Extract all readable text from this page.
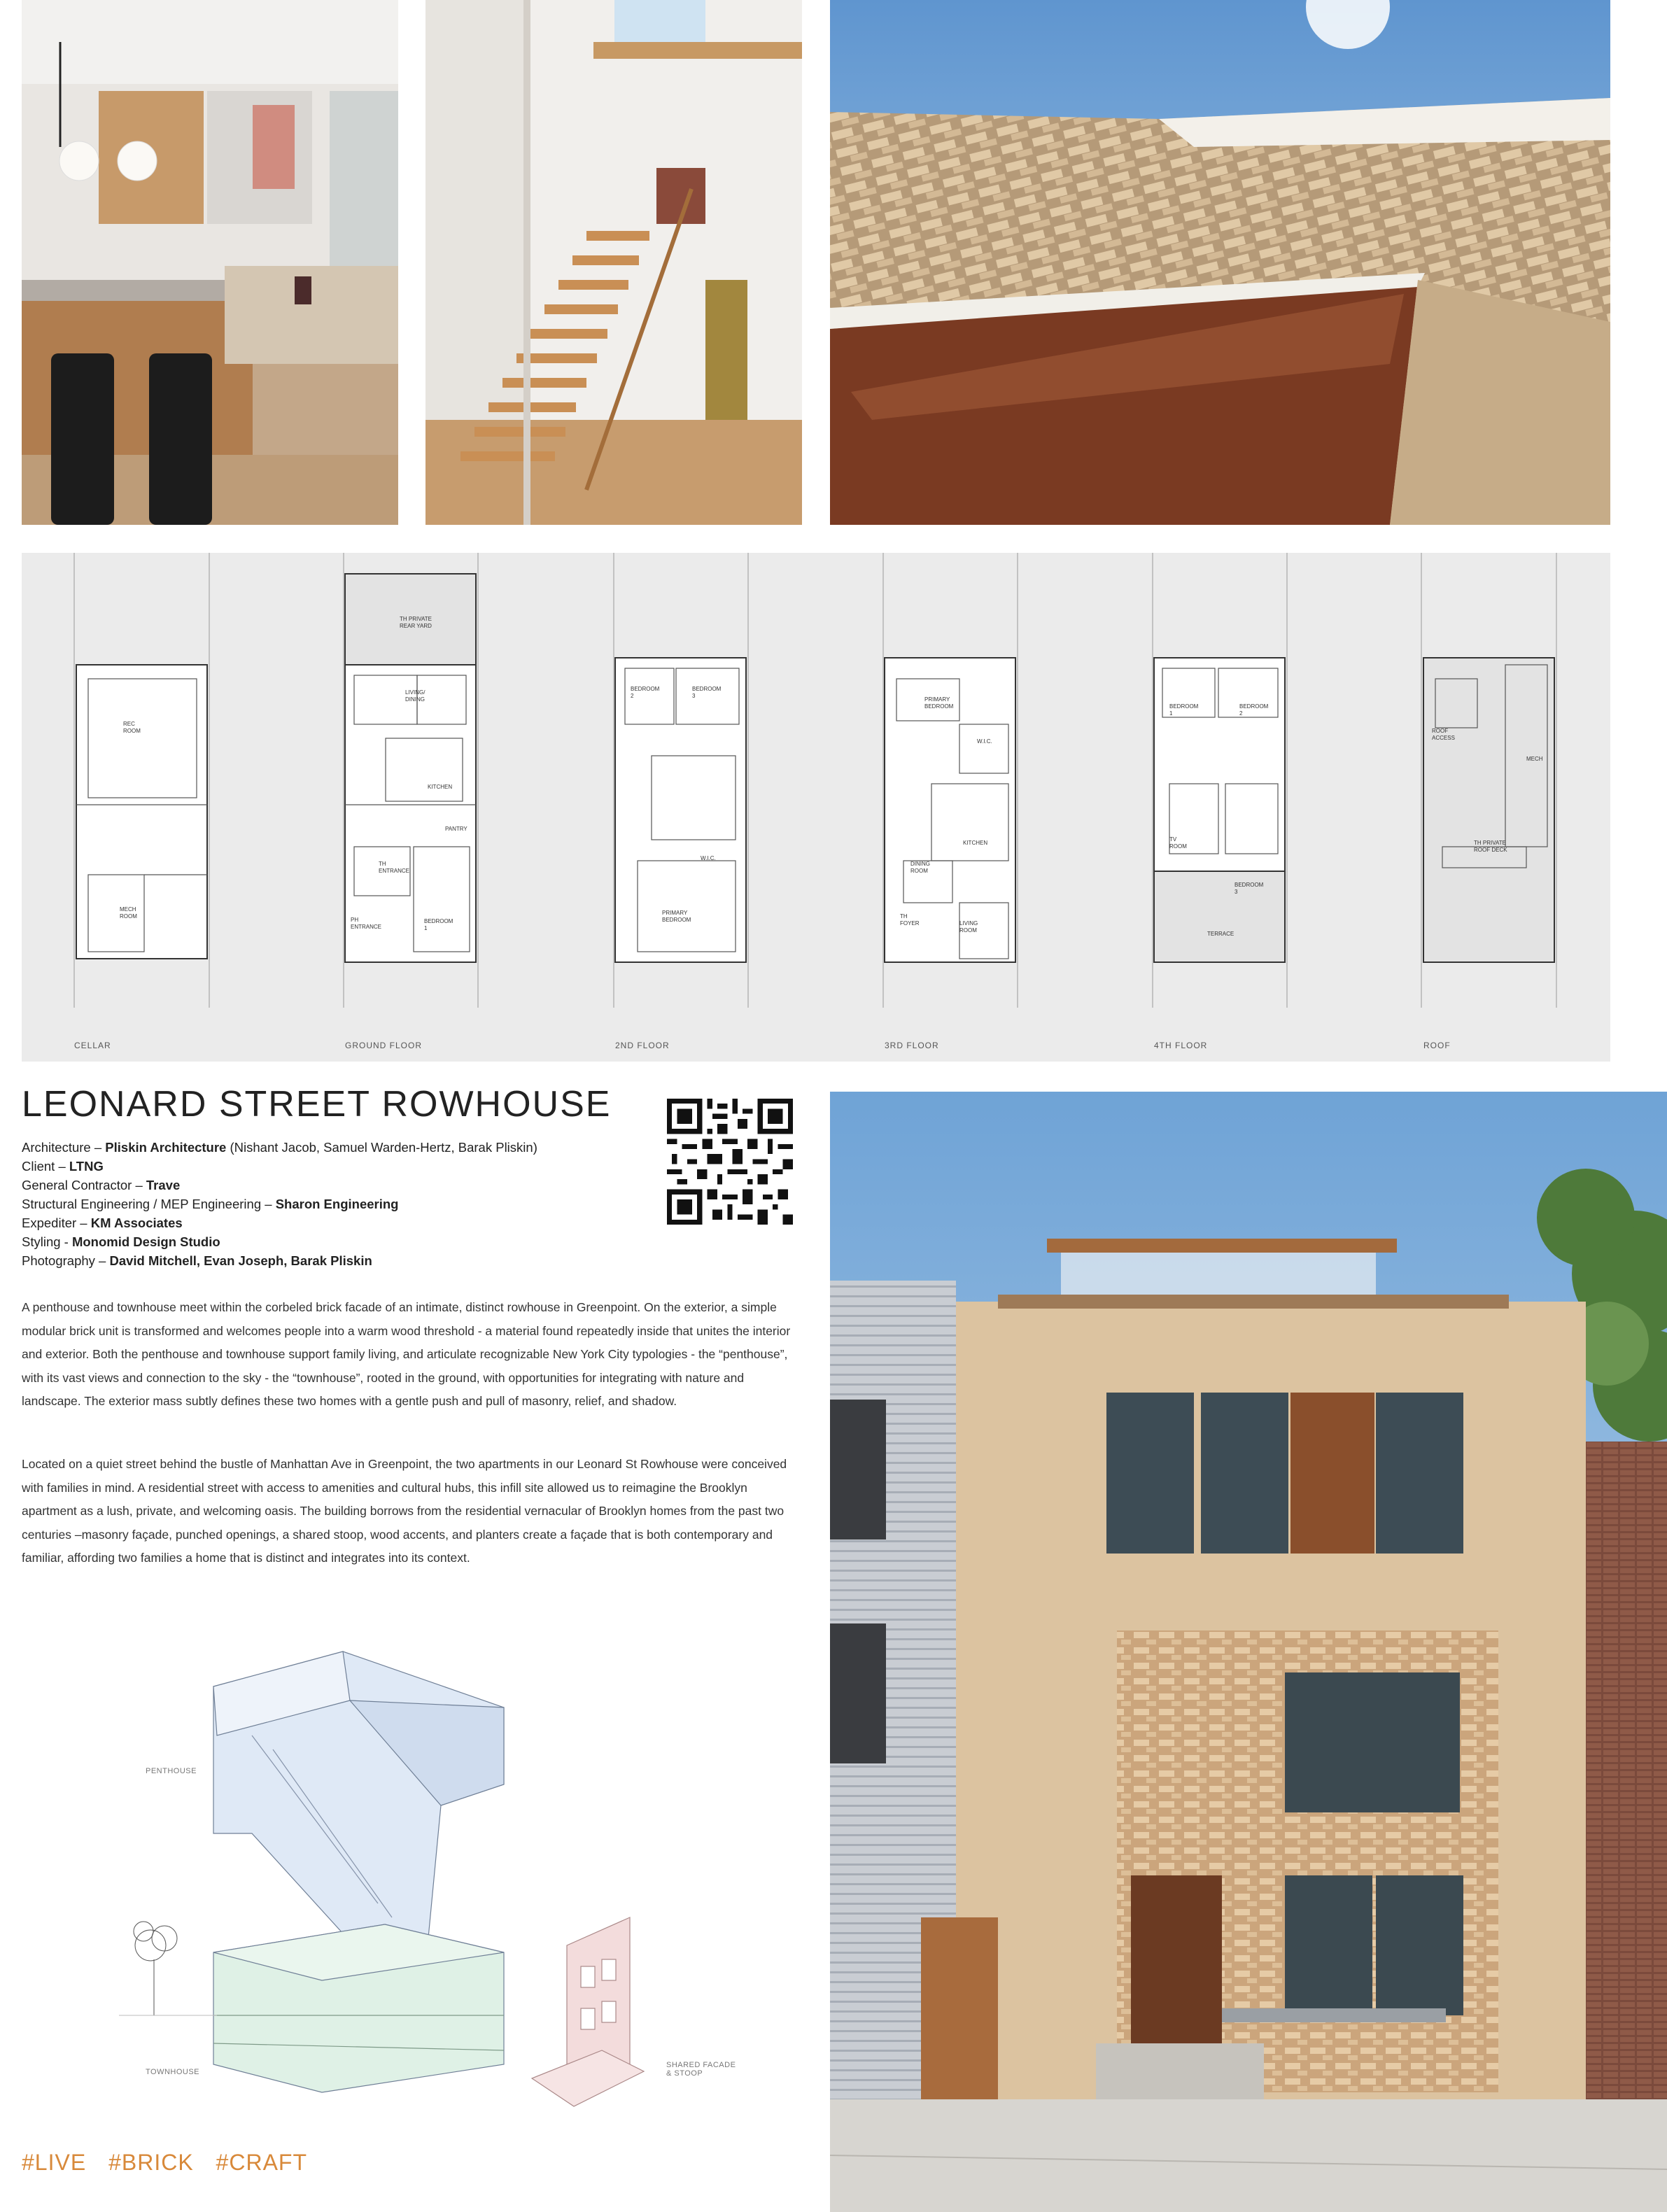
CELLAR	GROUND FLOOR	2ND FLOOR	3RD FLOOR	4TH FLOOR	ROOF
REC ROOM
MECH ROOM
TH PRIVATE REAR YARD
LIVING/ DINING
KITCHEN
PANTRY
TH ENTRANCE
PH ENTRANCE
BEDROOM 1
BEDROOM 2
BEDROOM 3
W.I.C.
PRIMARY BEDROOM
PRIMARY BEDROOM
W.I.C.
KITCHEN
DINING ROOM
TH FOYER	LIVING ROOM
BEDROOM 1
BEDROOM 2
TV ROOM
BEDROOM 3
TERRACE
ROOF ACCESS
MECH
TH PRIVATE ROOF DECK
LEONARD STREET ROWHOUSE
Architecture – Pliskin Architecture (Nishant Jacob, Samuel Warden-Hertz, Barak Pliskin)
Client – LTNG
General Contractor – Trave
Structural Engineering / MEP Engineering – Sharon Engineering
Expediter – KM Associates
Styling - Monomid Design Studio
Photography – David Mitchell, Evan Joseph, Barak Pliskin

A penthouse and townhouse meet within the corbeled brick facade of an intimate, distinct rowhouse in Greenpoint. On the exterior, a simple modular brick unit is transformed and welcomes people into a warm wood threshold - a material found repeatedly inside that unites the interior and exterior. Both the penthouse and townhouse support family living, and articulate recognizable New York City typologies - the “penthouse”, with its vast views and connection to the sky - the “townhouse”, rooted in the ground, with opportunities for integrating with nature and landscape. The exterior mass subtly defines these two homes with a gentle push and pull of masonry, relief, and shadow.

Located on a quiet street behind the bustle of Manhattan Ave in Greenpoint, the two apartments in our Leonard St Rowhouse were conceived with families in mind. A residential street with access to amenities and cultural hubs, this infill site allowed us to reimagine the Brooklyn apartment as a lush, private, and welcoming oasis. The building borrows from the residential vernacular of Brooklyn homes from the past two centuries –masonry façade, punched openings, a shared stoop, wood accents, and planters create a façade that is both contemporary and familiar, affording two families a home that is distinct and integrates into its context.

PENTHOUSE
TOWNHOUSE
SHARED FACADE & STOOP
#LIVE #BRICK #CRAFT
